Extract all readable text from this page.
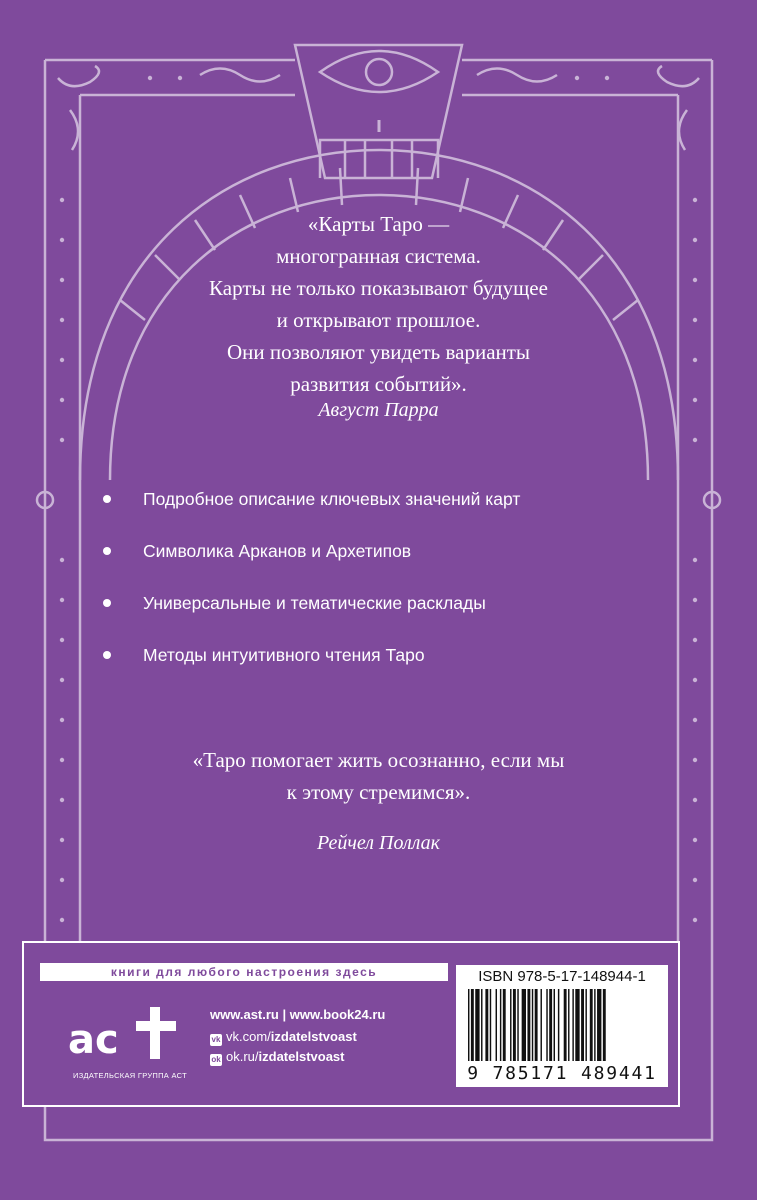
«Карты Таро —
многогранная система.
Карты не только показывают будущее
и открывают прошлое.
Они позволяют увидеть варианты
развития событий».
Август Парра
Подробное описание ключевых значений карт
Символика Арканов и Архетипов
Универсальные и тематические расклады
Методы интуитивного чтения Таро
«Таро помогает жить осознанно, если мы
к этому стремимся».
Рейчел Поллак
книги для любого настроения здесь
ac
ИЗДАТЕЛЬСКАЯ ГРУППА АСТ
www.ast.ru | www.book24.ru
vk vk.com/izdatelstvoast
ok ok.ru/izdatelstvoast
ISBN 978-5-17-148944-1
9 785171 489441
